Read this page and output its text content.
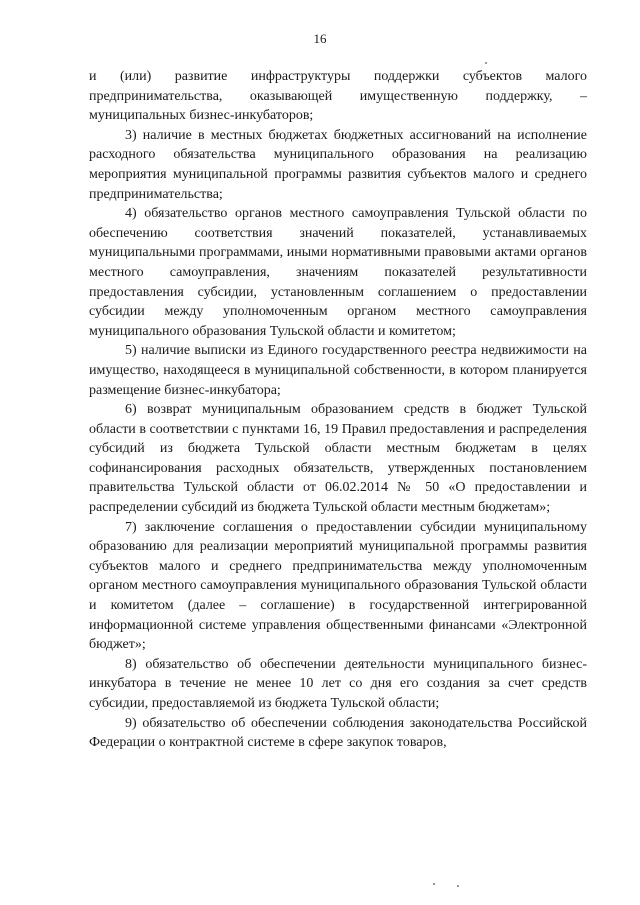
16

и (или) развитие инфраструктуры поддержки субъектов малого предпринимательства, оказывающей имущественную поддержку, – муниципальных бизнес-инкубаторов;

3) наличие в местных бюджетах бюджетных ассигнований на исполнение расходного обязательства муниципального образования на реализацию мероприятия муниципальной программы развития субъектов малого и среднего предпринимательства;

4) обязательство органов местного самоуправления Тульской области по обеспечению соответствия значений показателей, устанавливаемых муниципальными программами, иными нормативными правовыми актами органов местного самоуправления, значениям показателей результативности предоставления субсидии, установленным соглашением о предоставлении субсидии между уполномоченным органом местного самоуправления муниципального образования Тульской области и комитетом;

5) наличие выписки из Единого государственного реестра недвижимости на имущество, находящееся в муниципальной собственности, в котором планируется размещение бизнес-инкубатора;

6) возврат муниципальным образованием средств в бюджет Тульской области в соответствии с пунктами 16, 19 Правил предоставления и распределения субсидий из бюджета Тульской области местным бюджетам в целях софинансирования расходных обязательств, утвержденных постановлением правительства Тульской области от 06.02.2014 № 50 «О предоставлении и распределении субсидий из бюджета Тульской области местным бюджетам»;

7) заключение соглашения о предоставлении субсидии муниципальному образованию для реализации мероприятий муниципальной программы развития субъектов малого и среднего предпринимательства между уполномоченным органом местного самоуправления муниципального образования Тульской области и комитетом (далее – соглашение) в государственной интегрированной информационной системе управления общественными финансами «Электронной бюджет»;

8) обязательство об обеспечении деятельности муниципального бизнес-инкубатора в течение не менее 10 лет со дня его создания за счет средств субсидии, предоставляемой из бюджета Тульской области;

9) обязательство об обеспечении соблюдения законодательства Российской Федерации о контрактной системе в сфере закупок товаров,
